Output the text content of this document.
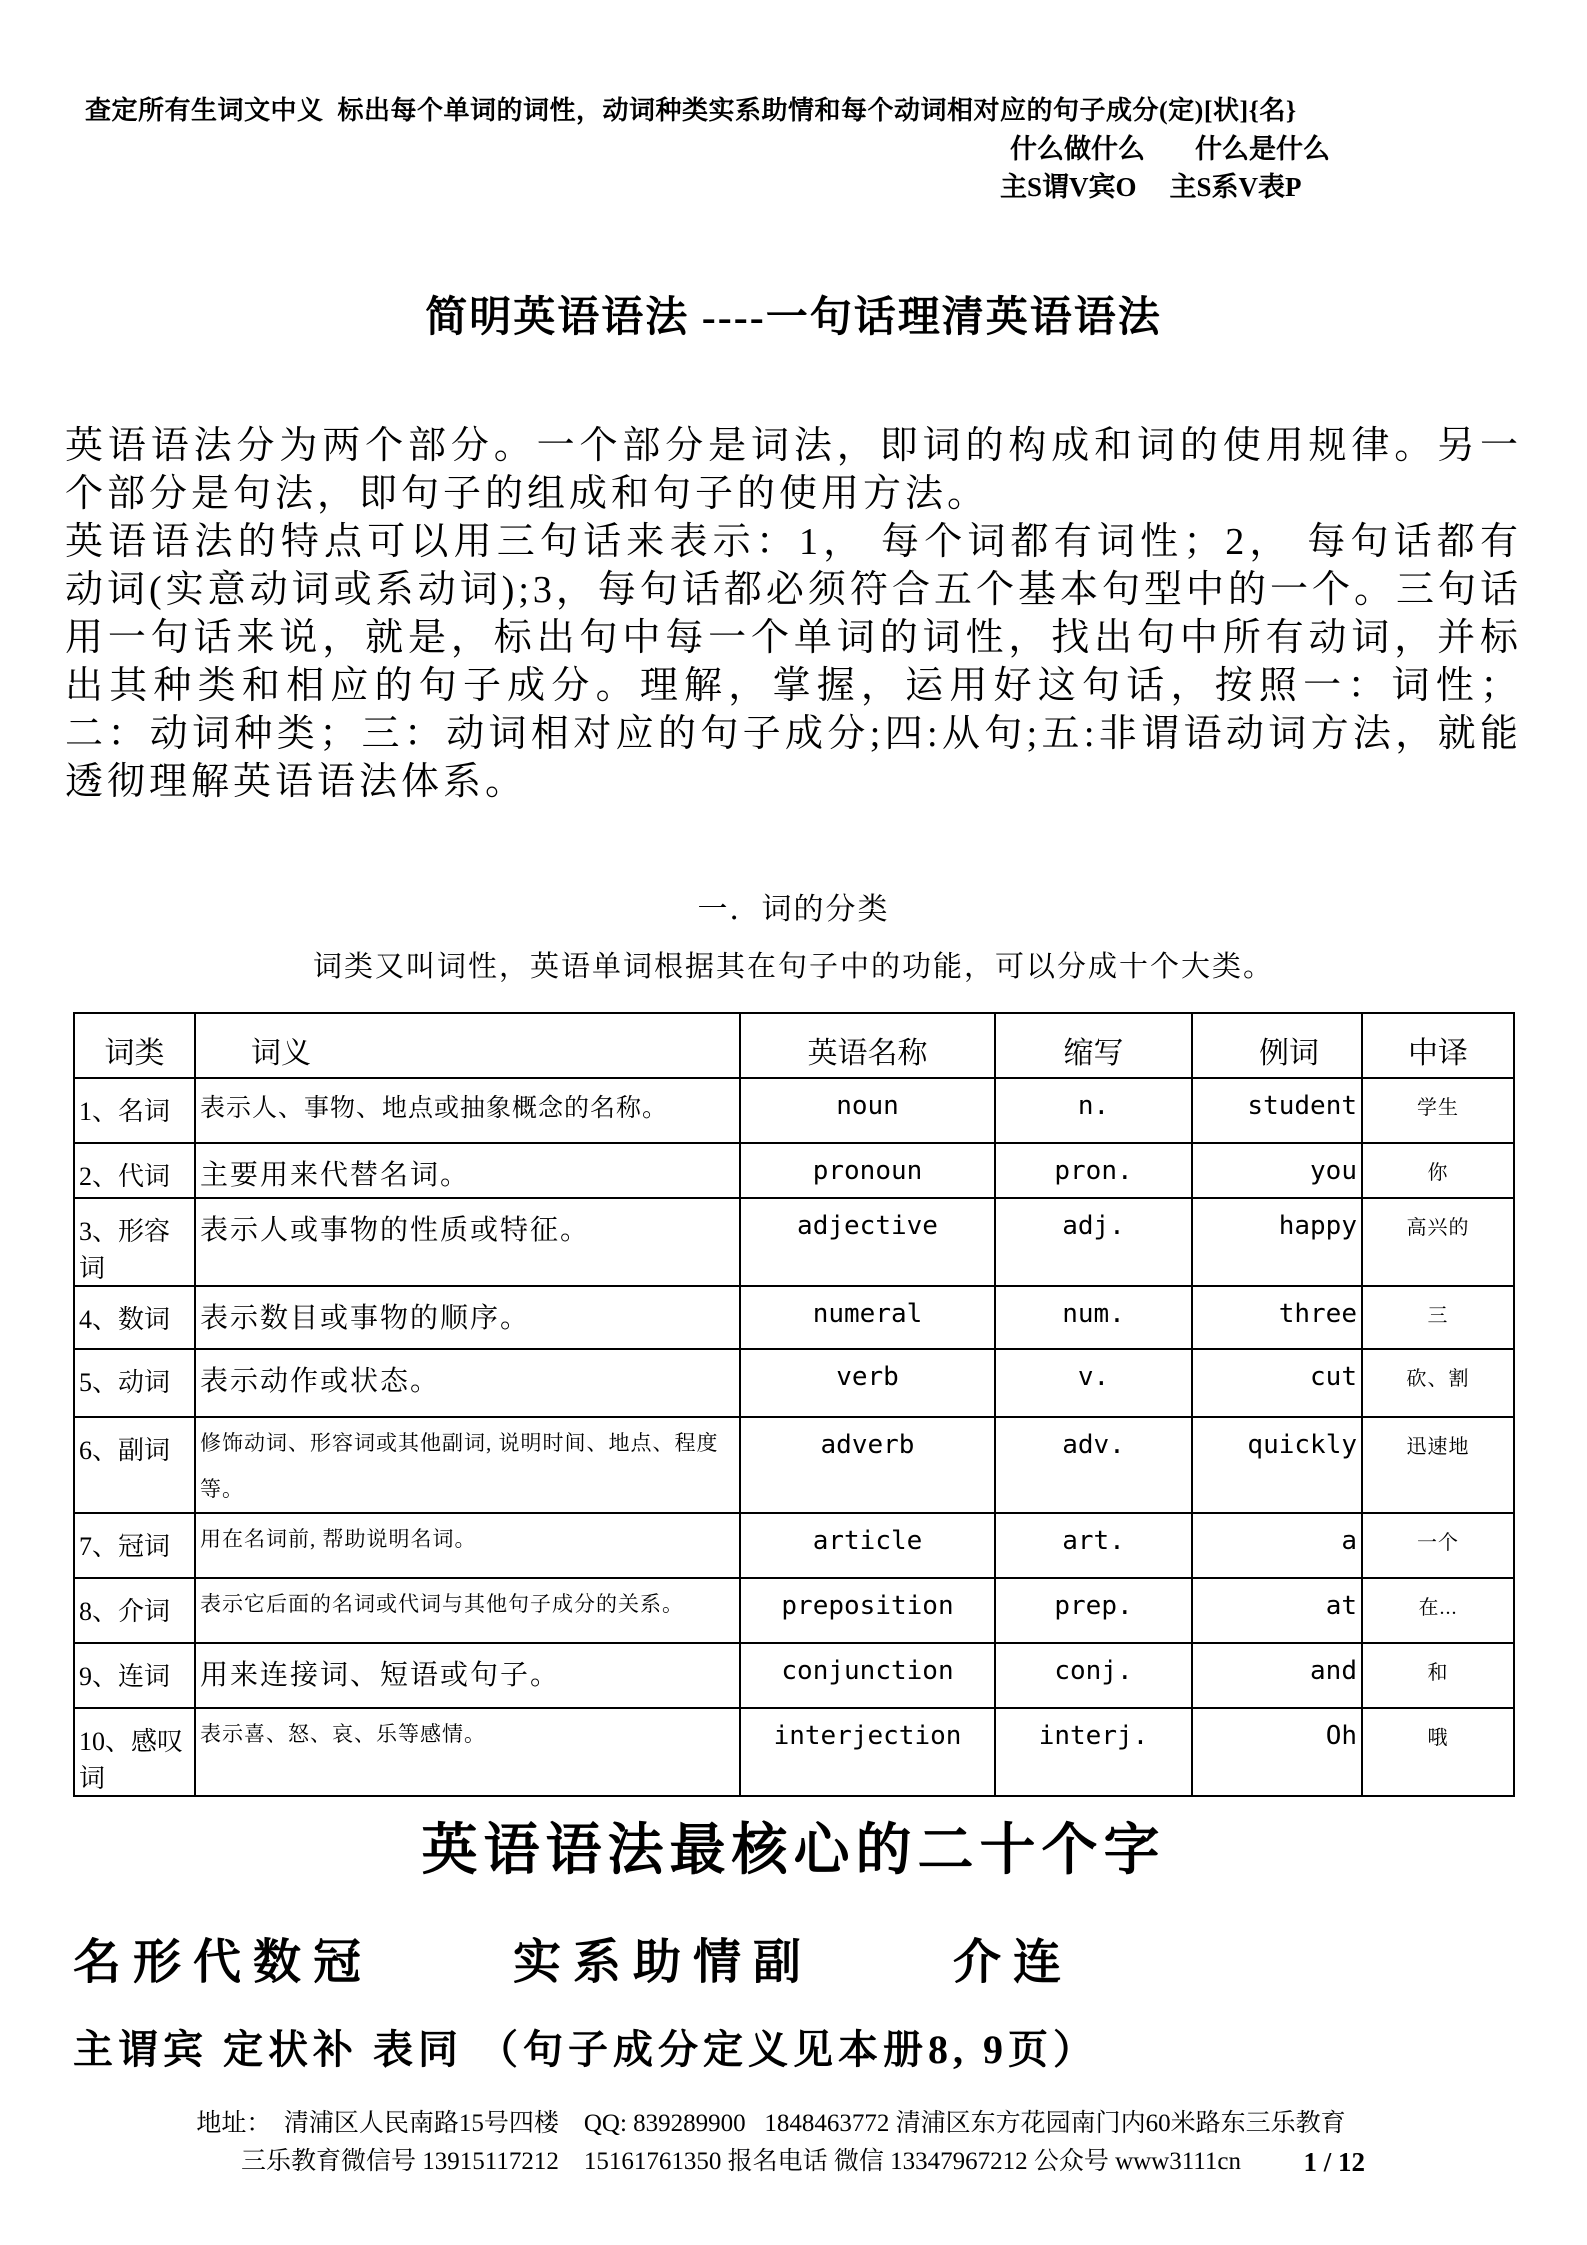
查定所有生词文中义  标出每个单词的词性，动词种类实系助情和每个动词相对应的句子成分(定)[状]{名}
什么做什么 什么是什么
主S谓V宾O 主S系V表P
简明英语语法 ----一句话理清英语语法

英语语法分为两个部分。一个部分是词法，即词的构成和词的使用规律。另一个部分是句法，即句子的组成和句子的使用方法。

英语语法的特点可以用三句话来表示：1， 每个词都有词性；2， 每句话都有动词(实意动词或系动词);3，每句话都必须符合五个基本句型中的一个。三句话用一句话来说，就是，标出句中每一个单词的词性，找出句中所有动词，并标出其种类和相应的句子成分。理解，掌握，运用好这句话，按照一：词性；二：动词种类；三：动词相对应的句子成分;四:从句;五:非谓语动词方法，就能透彻理解英语语法体系。

一．词的分类
词类又叫词性，英语单词根据其在句子中的功能，可以分成十个大类。
词类	词义	英语名称	缩写	例词	中译
1、名词	表示人、事物、地点或抽象概念的名称。	noun	n.	student	学生
2、代词	主要用来代替名词。	pronoun	pron.	you	你
3、形容词	表示人或事物的性质或特征。	adjective	adj.	happy	高兴的
4、数词	表示数目或事物的顺序。	numeral	num.	three	三
5、动词	表示动作或状态。	verb	v.	cut	砍、割
6、副词	修饰动词、形容词或其他副词, 说明时间、地点、程度等。	adverb	adv.	quickly	迅速地
7、冠词	用在名词前, 帮助说明名词。	article	art.	a	一个
8、介词	表示它后面的名词或代词与其他句子成分的关系。	preposition	prep.	at	在...
9、连词	用来连接词、短语或句子。	conjunction	conj.	and	和
10、感叹词	表示喜、怒、哀、乐等感情。	interjection	interj.	Oh	哦
英语语法最核心的二十个字
名形代数冠	实系助情副	介连
主谓宾 定状补 表同 （句子成分定义见本册8, 9页）
地址：  清浦区人民南路15号四楼    QQ: 839289900   1848463772 清浦区东方花园南门内60米路东三乐教育
三乐教育微信号 13915117212    15161761350 报名电话 微信 13347967212 公众号 www3111cn	1 / 12
